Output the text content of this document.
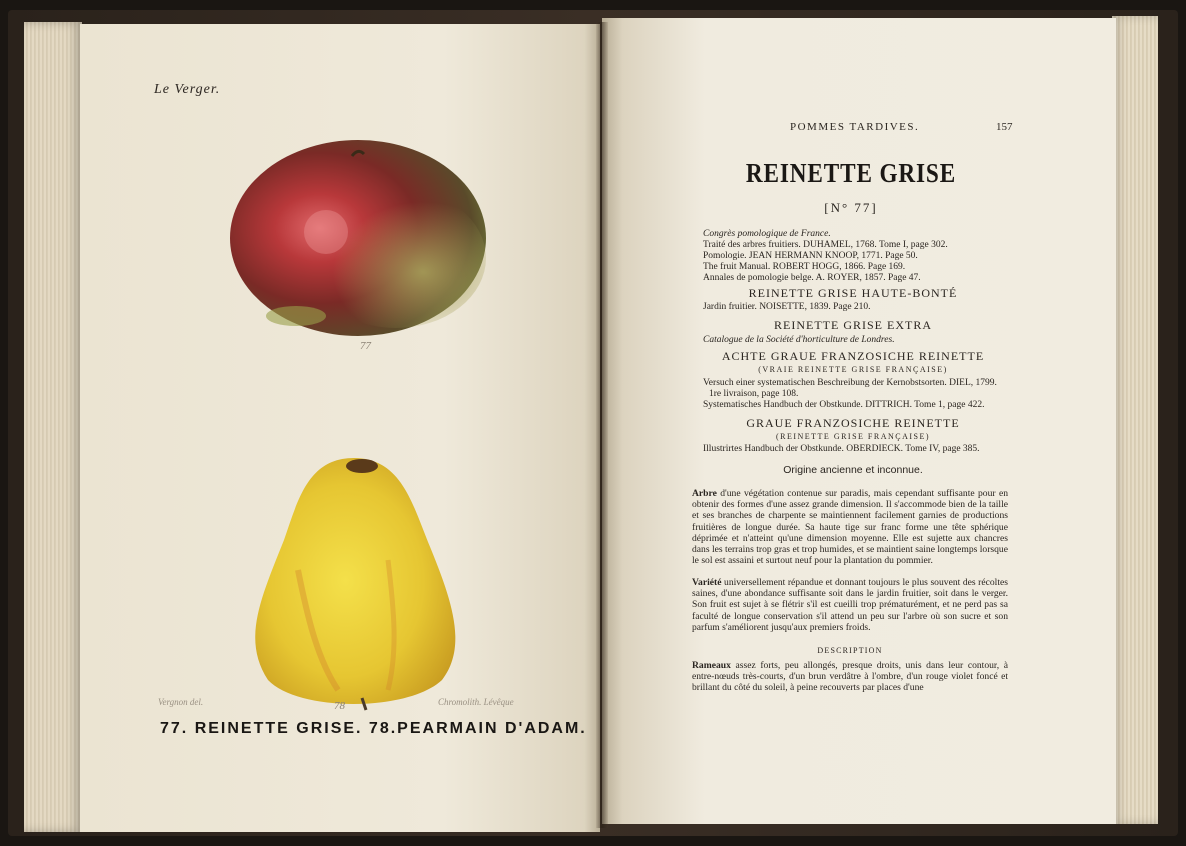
Le Verger.
77
Vergnon del.	78	Chromolith. Lévêque
77. REINETTE GRISE. 78.PEARMAIN D'ADAM.
POMMES TARDIVES.	157
REINETTE GRISE
[N° 77]
Congrès pomologique de France.
Traité des arbres fruitiers. DUHAMEL, 1768. Tome I, page 302.
Pomologie. JEAN HERMANN KNOOP, 1771. Page 50.
The fruit Manual. ROBERT HOGG, 1866. Page 169.
Annales de pomologie belge. A. ROYER, 1857. Page 47.
REINETTE GRISE HAUTE-BONTÉ
Jardin fruitier. NOISETTE, 1839. Page 210.
REINETTE GRISE EXTRA
Catalogue de la Société d'horticulture de Londres.
ACHTE GRAUE FRANZOSICHE REINETTE
(VRAIE REINETTE GRISE FRANÇAISE)
Versuch einer systematischen Beschreibung der Kernobstsorten. DIEL, 1799.
1re livraison, page 108.
Systematisches Handbuch der Obstkunde. DITTRICH. Tome 1, page 422.
GRAUE FRANZOSICHE REINETTE
(REINETTE GRISE FRANÇAISE)
Illustrirtes Handbuch der Obstkunde. OBERDIECK. Tome IV, page 385.
Origine ancienne et inconnue.
Arbre d'une végétation contenue sur paradis, mais cependant suffisante pour en obtenir des formes d'une assez grande dimension. Il s'accommode bien de la taille et ses branches de charpente se maintiennent facilement garnies de productions fruitières de longue durée. Sa haute tige sur franc forme une tête sphérique déprimée et n'atteint qu'une dimension moyenne. Elle est sujette aux chancres dans les terrains trop gras et trop humides, et se maintient saine longtemps lorsque le sol est assaini et surtout neuf pour la plantation du pommier.
Variété universellement répandue et donnant toujours le plus souvent des récoltes saines, d'une abondance suffisante soit dans le jardin fruitier, soit dans le verger. Son fruit est sujet à se flétrir s'il est cueilli trop prématurément, et ne perd pas sa faculté de longue conservation s'il attend un peu sur l'arbre où son sucre et son parfum s'améliorent jusqu'aux premiers froids.
DESCRIPTION
Rameaux assez forts, peu allongés, presque droits, unis dans leur contour, à entre-nœuds très-courts, d'un brun verdâtre à l'ombre, d'un rouge violet foncé et brillant du côté du soleil, à peine recouverts par places d'une
